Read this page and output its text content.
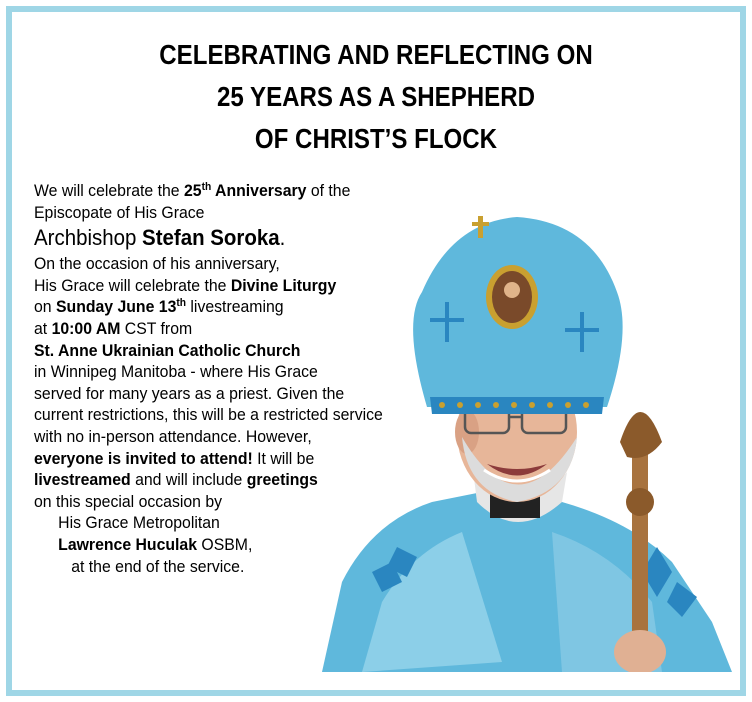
CELEBRATING AND REFLECTING ON
25 YEARS AS A SHEPHERD
OF CHRIST’S FLOCK
We will celebrate the 25th Anniversary of the
Episcopate of His Grace
Archbishop Stefan Soroka.
On the occasion of his anniversary,
His Grace will celebrate the Divine Liturgy
on Sunday June 13th livestreaming
at 10:00 AM CST from
St. Anne Ukrainian Catholic Church
in Winnipeg Manitoba - where His Grace
served for many years as a priest. Given the
current restrictions, this will be a restricted service
with no in-person attendance. However,
everyone is invited to attend! It will be
livestreamed and will include greetings
on this special occasion by
His Grace Metropolitan
Lawrence Huculak OSBM,
at the end of the service.
